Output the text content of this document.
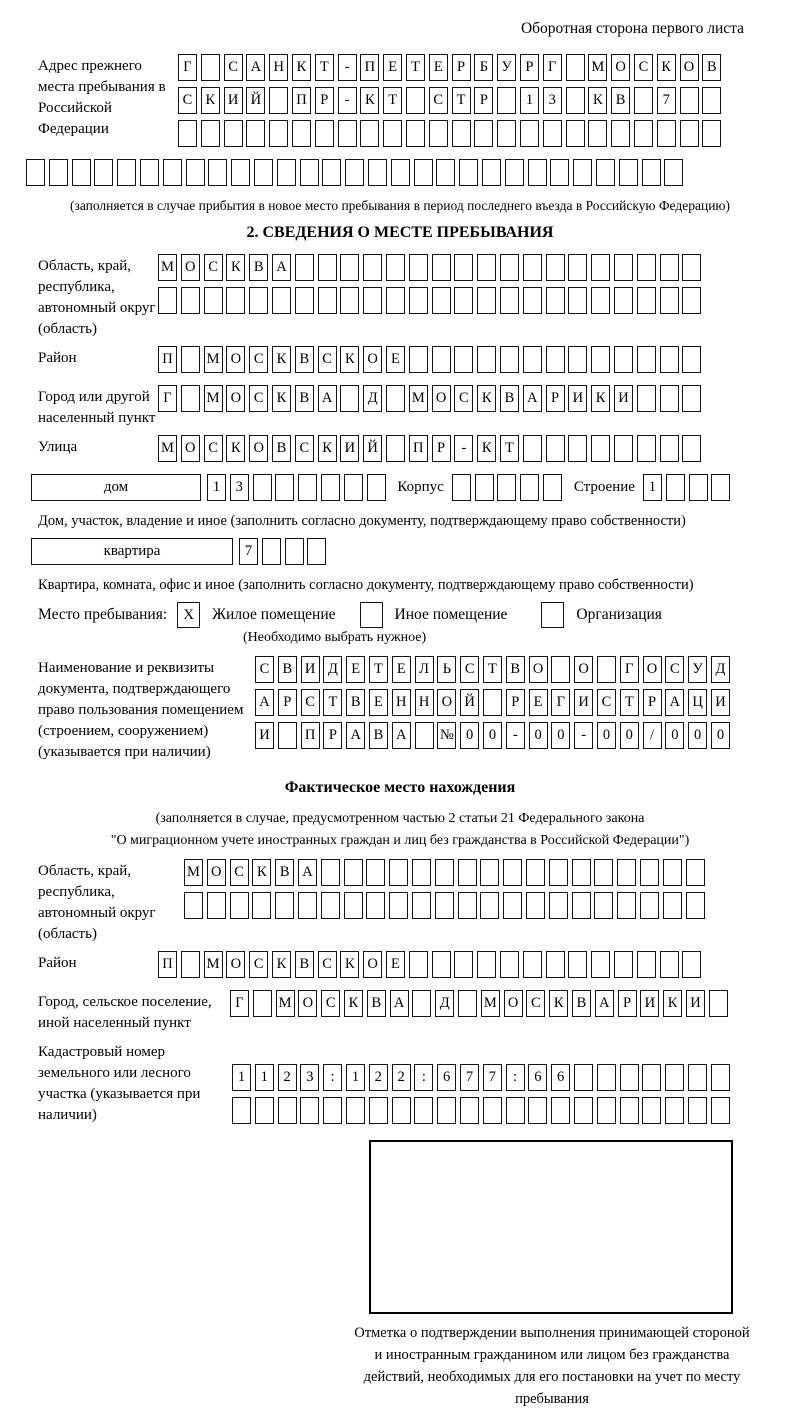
Оборотная сторона первого листа
Адрес прежнего места пребывания в Российской Федерации
Г	С А Н К Т	-	П Е Т Е Р	Б У Р	Г	М О С К О В
С К И Й П Р	-	К Т	С Т Р	1	3	К В	7
(заполняется в случае прибытия в новое место пребывания в период последнего въезда в Российскую Федерацию)
2. СВЕДЕНИЯ О МЕСТЕ ПРЕБЫВАНИЯ
Область, край, республика, автономный округ (область)
М О С К В А
Район	П М О С К В С К О Е
Город или другой населенный пункт
Г	М О С К В А	Д	М О С К В А Р И К И
Улица	М О С К О В С К И Й П Р	-	К Т
дом	1	3	Корпус	Строение 1
Дом, участок, владение и иное (заполнить согласно документу, подтверждающему право собственности)
квартира	7
Квартира, комната, офис и иное (заполнить согласно документу, подтверждающему право собственности)
Место пребывания:	X	Жилое помещение	Иное помещение	Организация
(Необходимо выбрать нужное)
Наименование и реквизиты документа, подтверждающего право пользования помещением (строением, сооружением) (указывается при наличии)
С В И Д Е Т Е Л Ь С Т В О О	Г О С У Д
А Р С Т В Е Н Н О Й	Р Е Г И С Т Р А Ц И
И П Р А В А № 0	0	-	0	0	-	0	0	/	0	0	0
Фактическое место нахождения
(заполняется в случае, предусмотренном частью 2 статьи 21 Федерального закона
"О миграционном учете иностранных граждан и лиц без гражданства в Российской Федерации")
Область, край, республика, автономный округ (область)
М О С К В А
Район	П М О С К В С К О Е
Город, сельское поселение, иной населенный пункт
Г	М О С К В А	Д	М О С К В А Р И К И
Кадастровый номер земельного или лесного участка (указывается при наличии)
1	1	2	3	:	1	2	2	:	6	7	7	:	6	6
Отметка о подтверждении выполнения принимающей стороной и иностранным гражданином или лицом без гражданства действий, необходимых для его постановки на учет по месту пребывания
